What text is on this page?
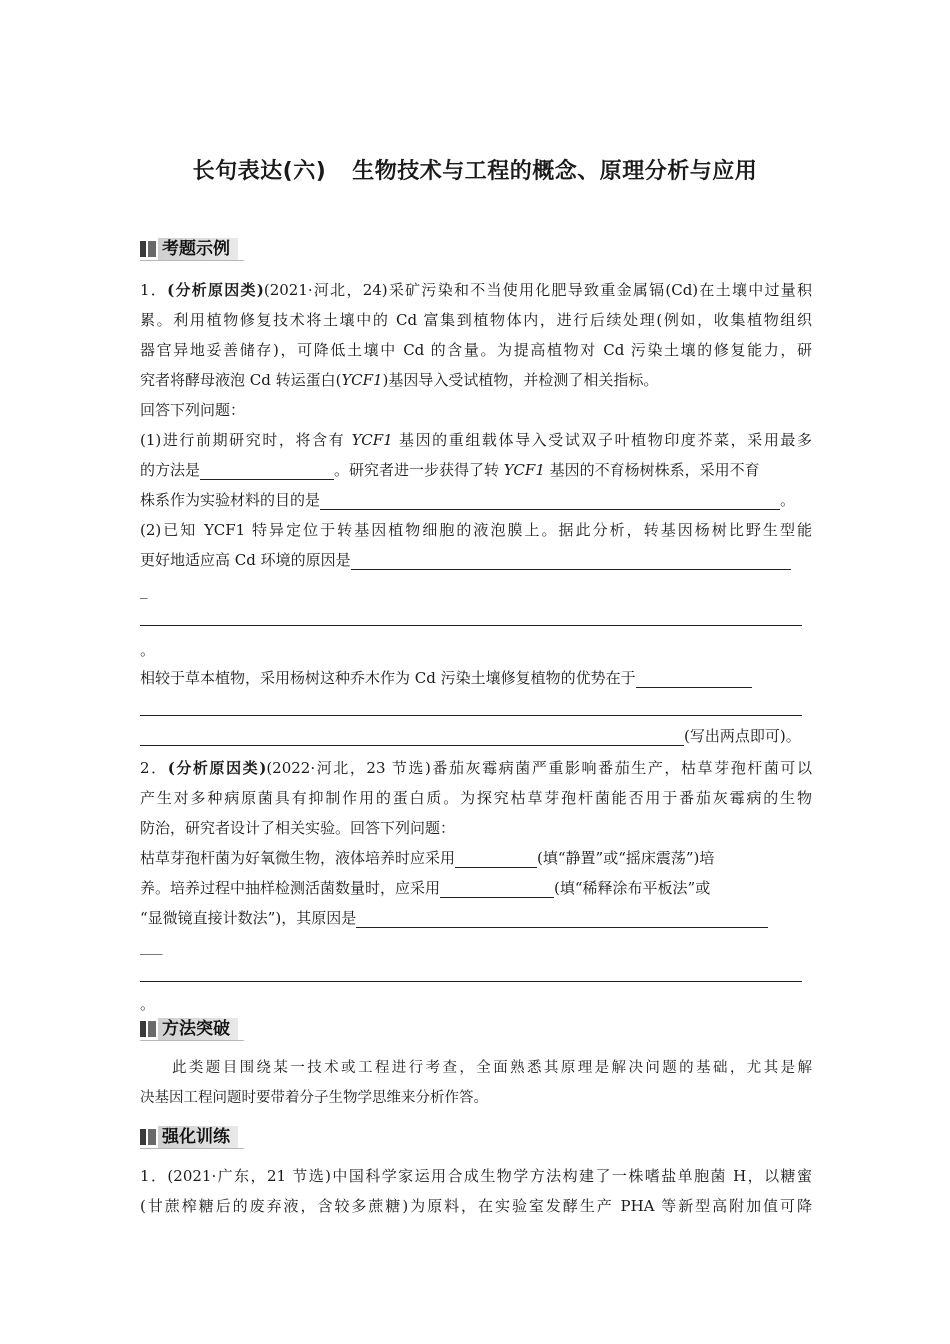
长句表达(六) 生物技术与工程的概念、原理分析与应用
考题示例
1．(分析原因类)(2021·河北，24)采矿污染和不当使用化肥导致重金属镉(Cd)在土壤中过量积
累。利用植物修复技术将土壤中的 Cd 富集到植物体内，进行后续处理(例如，收集植物组织
器官异地妥善储存)，可降低土壤中 Cd 的含量。为提高植物对 Cd 污染土壤的修复能力，研
究者将酵母液泡 Cd 转运蛋白(YCF1)基因导入受试植物，并检测了相关指标。
回答下列问题：
(1)进行前期研究时，将含有 YCF1 基因的重组载体导入受试双子叶植物印度芥菜，采用最多
的方法是	。研究者进一步获得了转 YCF1 基因的不育杨树株系，采用不育
株系作为实验材料的目的是	。
(2)已知 YCF1 特异定位于转基因植物细胞的液泡膜上。据此分析，转基因杨树比野生型能
更好地适应高 Cd 环境的原因是
_
。
相较于草本植物，采用杨树这种乔木作为 Cd 污染土壤修复植物的优势在于
(写出两点即可)。
2．(分析原因类)(2022·河北，23 节选)番茄灰霉病菌严重影响番茄生产，枯草芽孢杆菌可以
产生对多种病原菌具有抑制作用的蛋白质。为探究枯草芽孢杆菌能否用于番茄灰霉病的生物
防治，研究者设计了相关实验。回答下列问题：
枯草芽孢杆菌为好氧微生物，液体培养时应采用	(填“静置”或“摇床震荡”)培
养。培养过程中抽样检测活菌数量时，应采用	(填“稀释涂布平板法”或
“显微镜直接计数法”)，其原因是
___
。
方法突破
此类题目围绕某一技术或工程进行考查，全面熟悉其原理是解决问题的基础，尤其是解
决基因工程问题时要带着分子生物学思维来分析作答。
强化训练
1．(2021·广东，21 节选)中国科学家运用合成生物学方法构建了一株嗜盐单胞菌 H，以糖蜜
(甘蔗榨糖后的废弃液，含较多蔗糖)为原料，在实验室发酵生产 PHA 等新型高附加值可降
